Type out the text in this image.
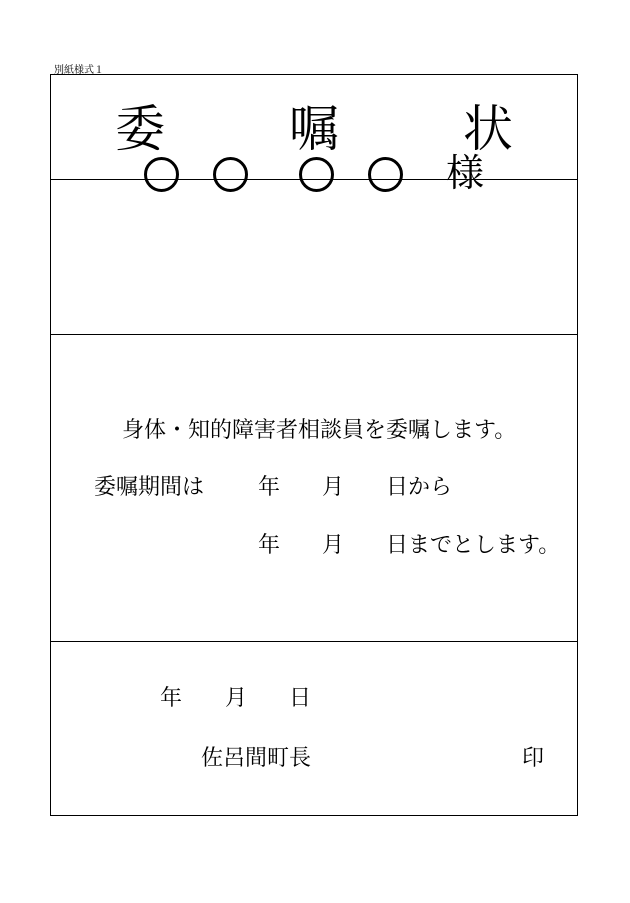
別紙様式１
委 嘱 状
様
身体・知的障害者相談員を委嘱します。
委嘱期間は 年 月 日から
年 月 日までとします。
年 月 日
佐呂間町長	印
